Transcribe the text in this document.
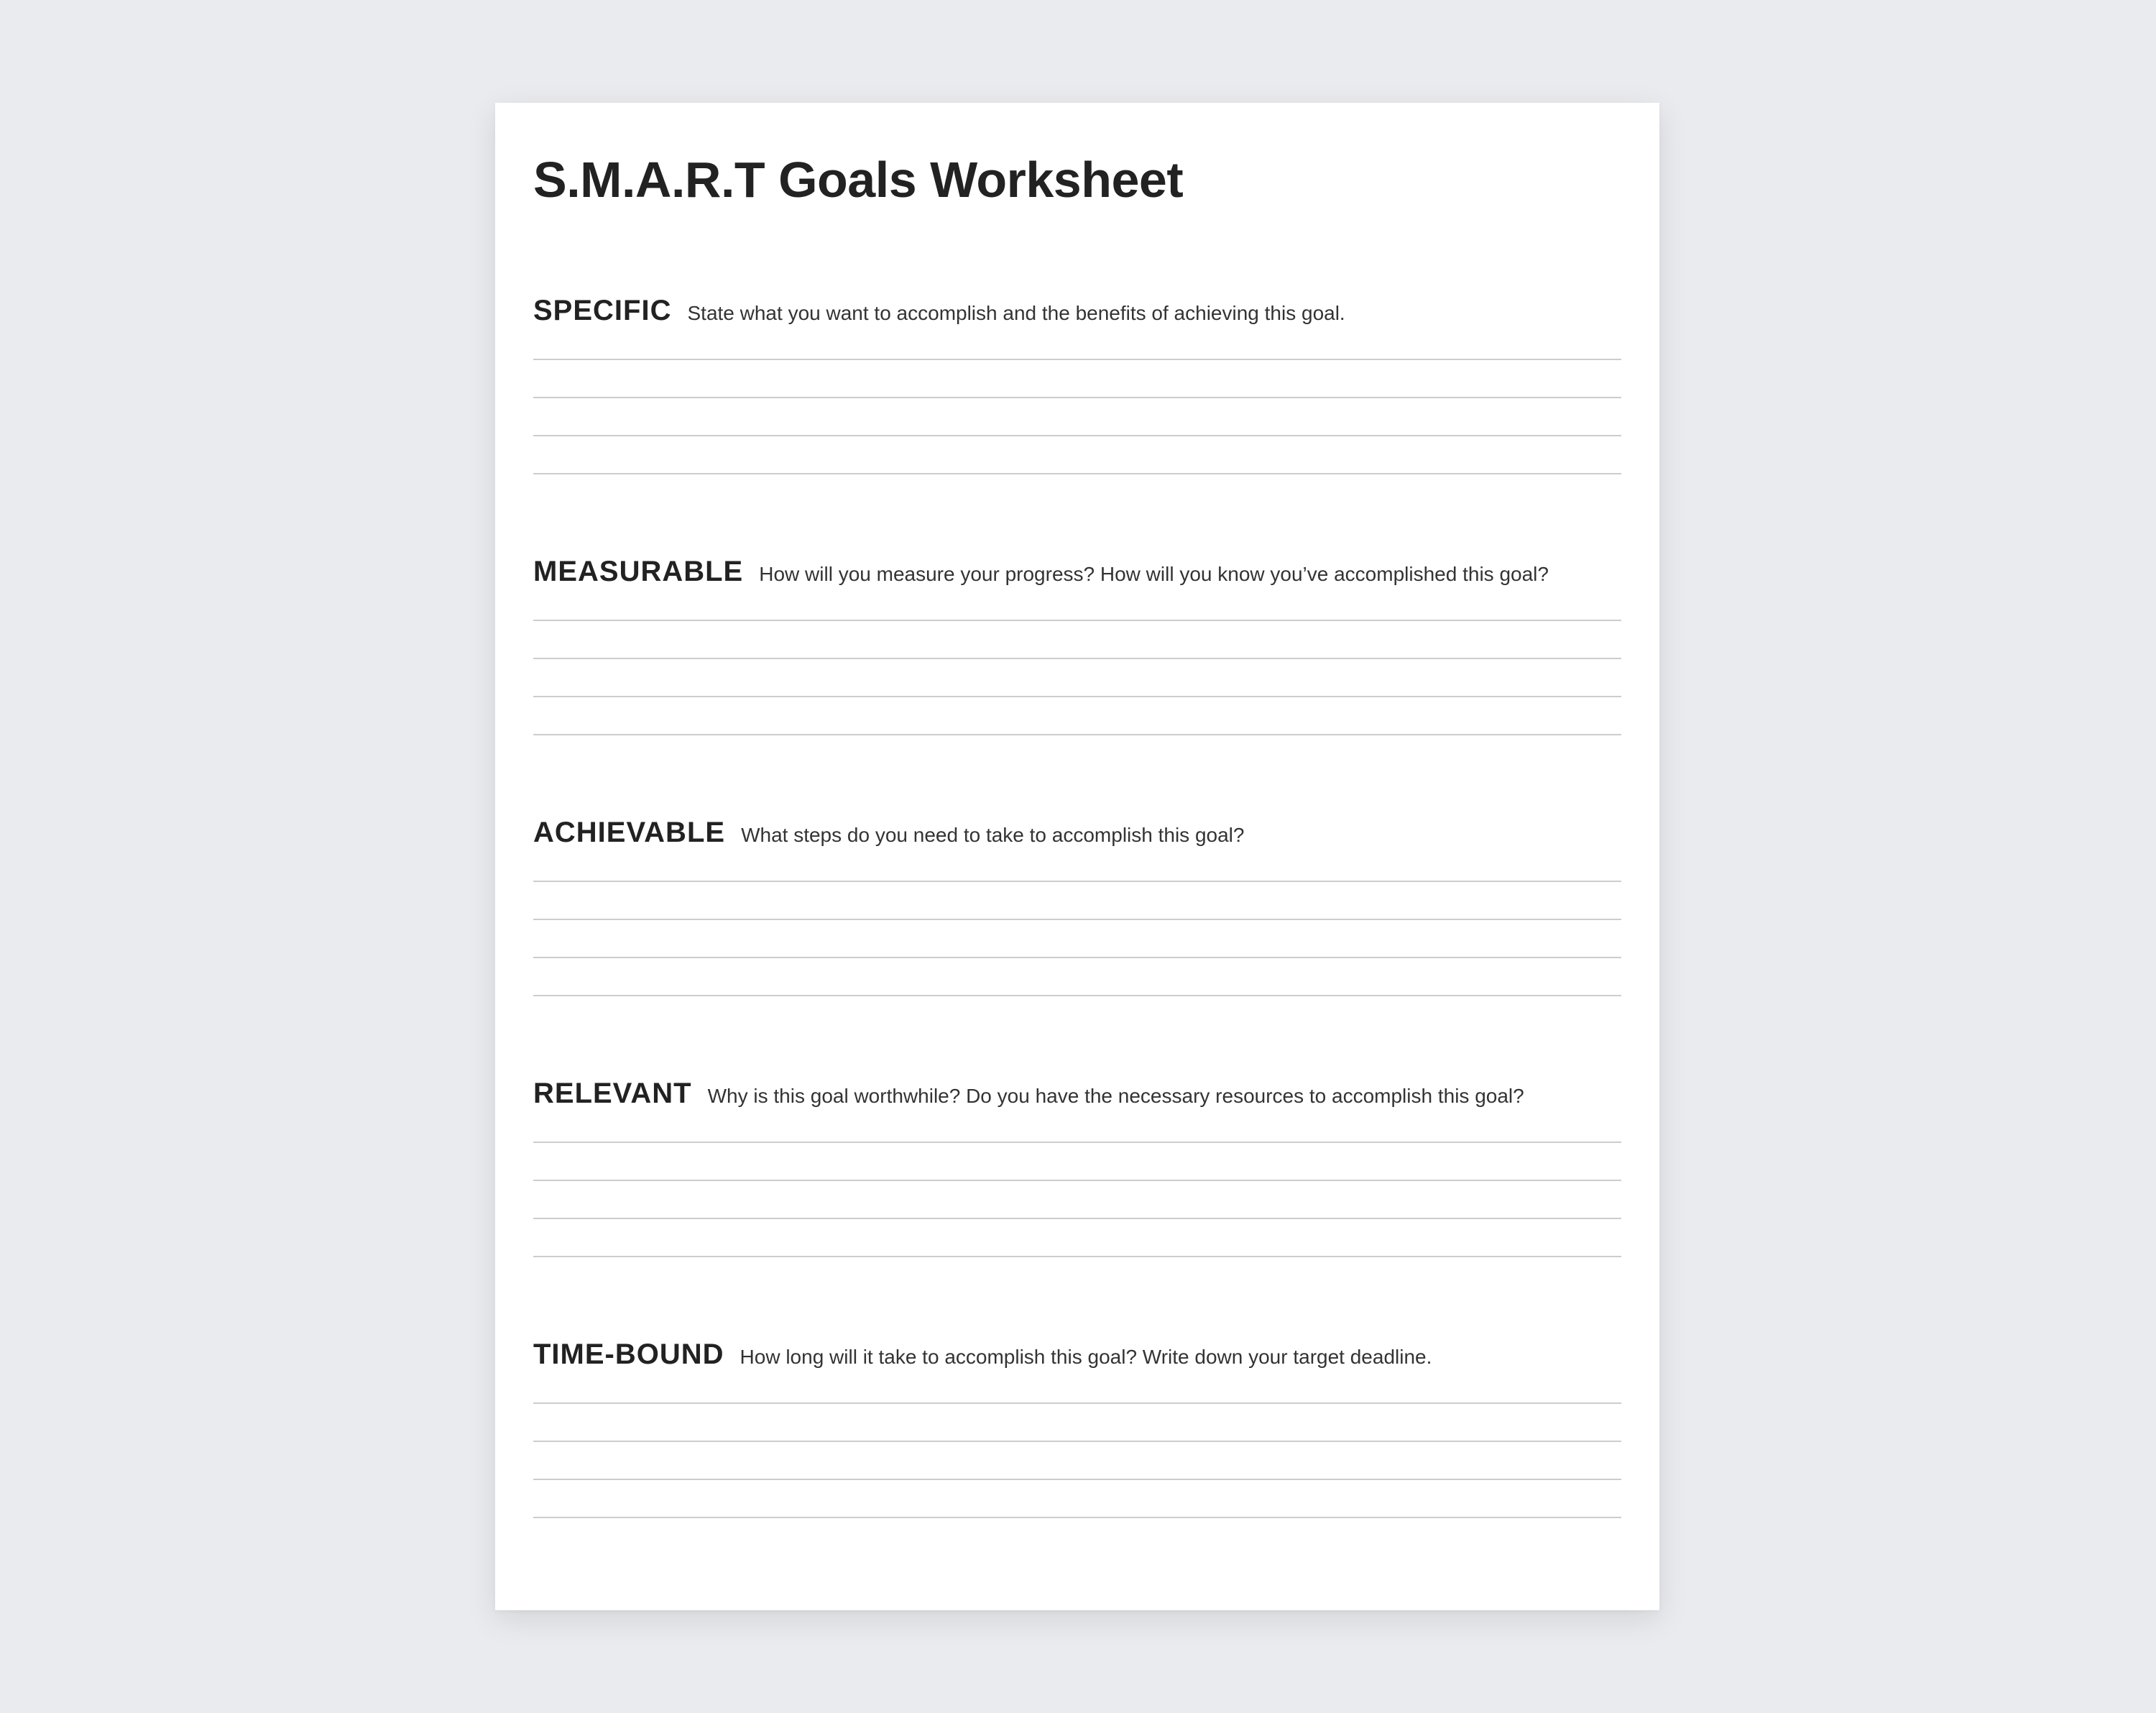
S.M.A.R.T Goals Worksheet
SPECIFIC State what you want to accomplish and the benefits of achieving this goal.
MEASURABLE How will you measure your progress? How will you know you’ve accomplished this goal?
ACHIEVABLE What steps do you need to take to accomplish this goal?
RELEVANT Why is this goal worthwhile? Do you have the necessary resources to accomplish this goal?
TIME-BOUND How long will it take to accomplish this goal? Write down your target deadline.
